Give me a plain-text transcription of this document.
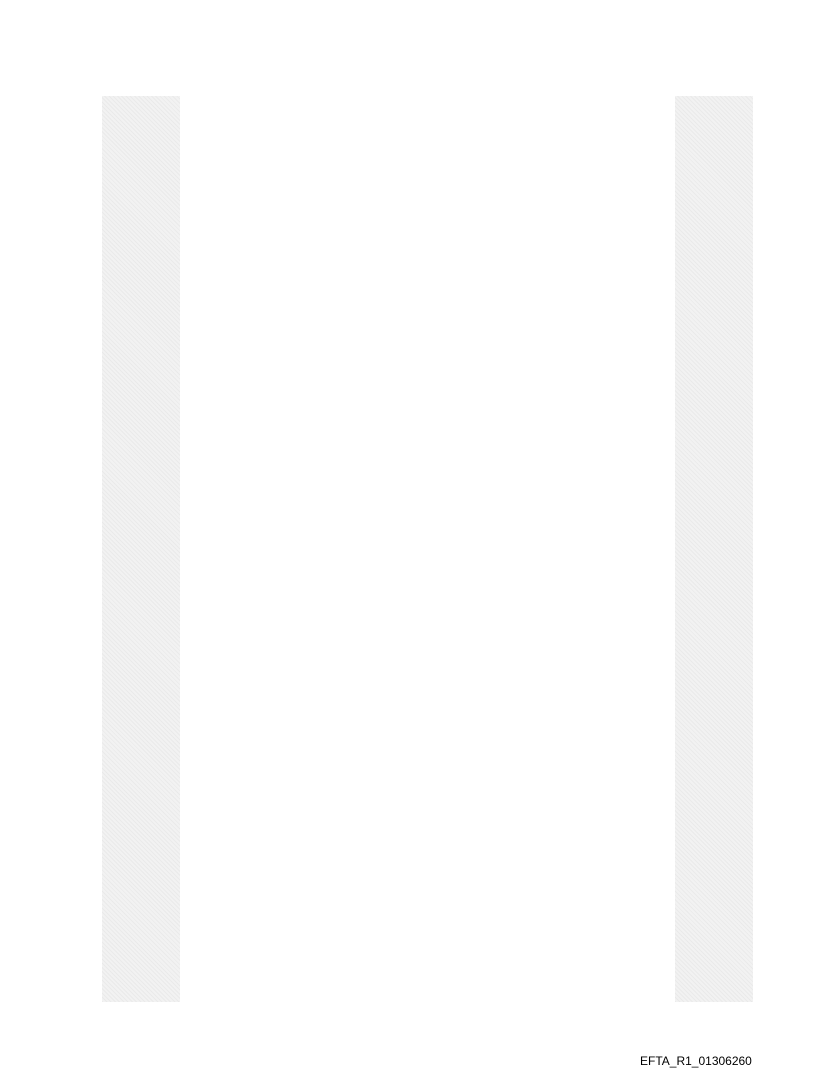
EFTA_R1_01306260
